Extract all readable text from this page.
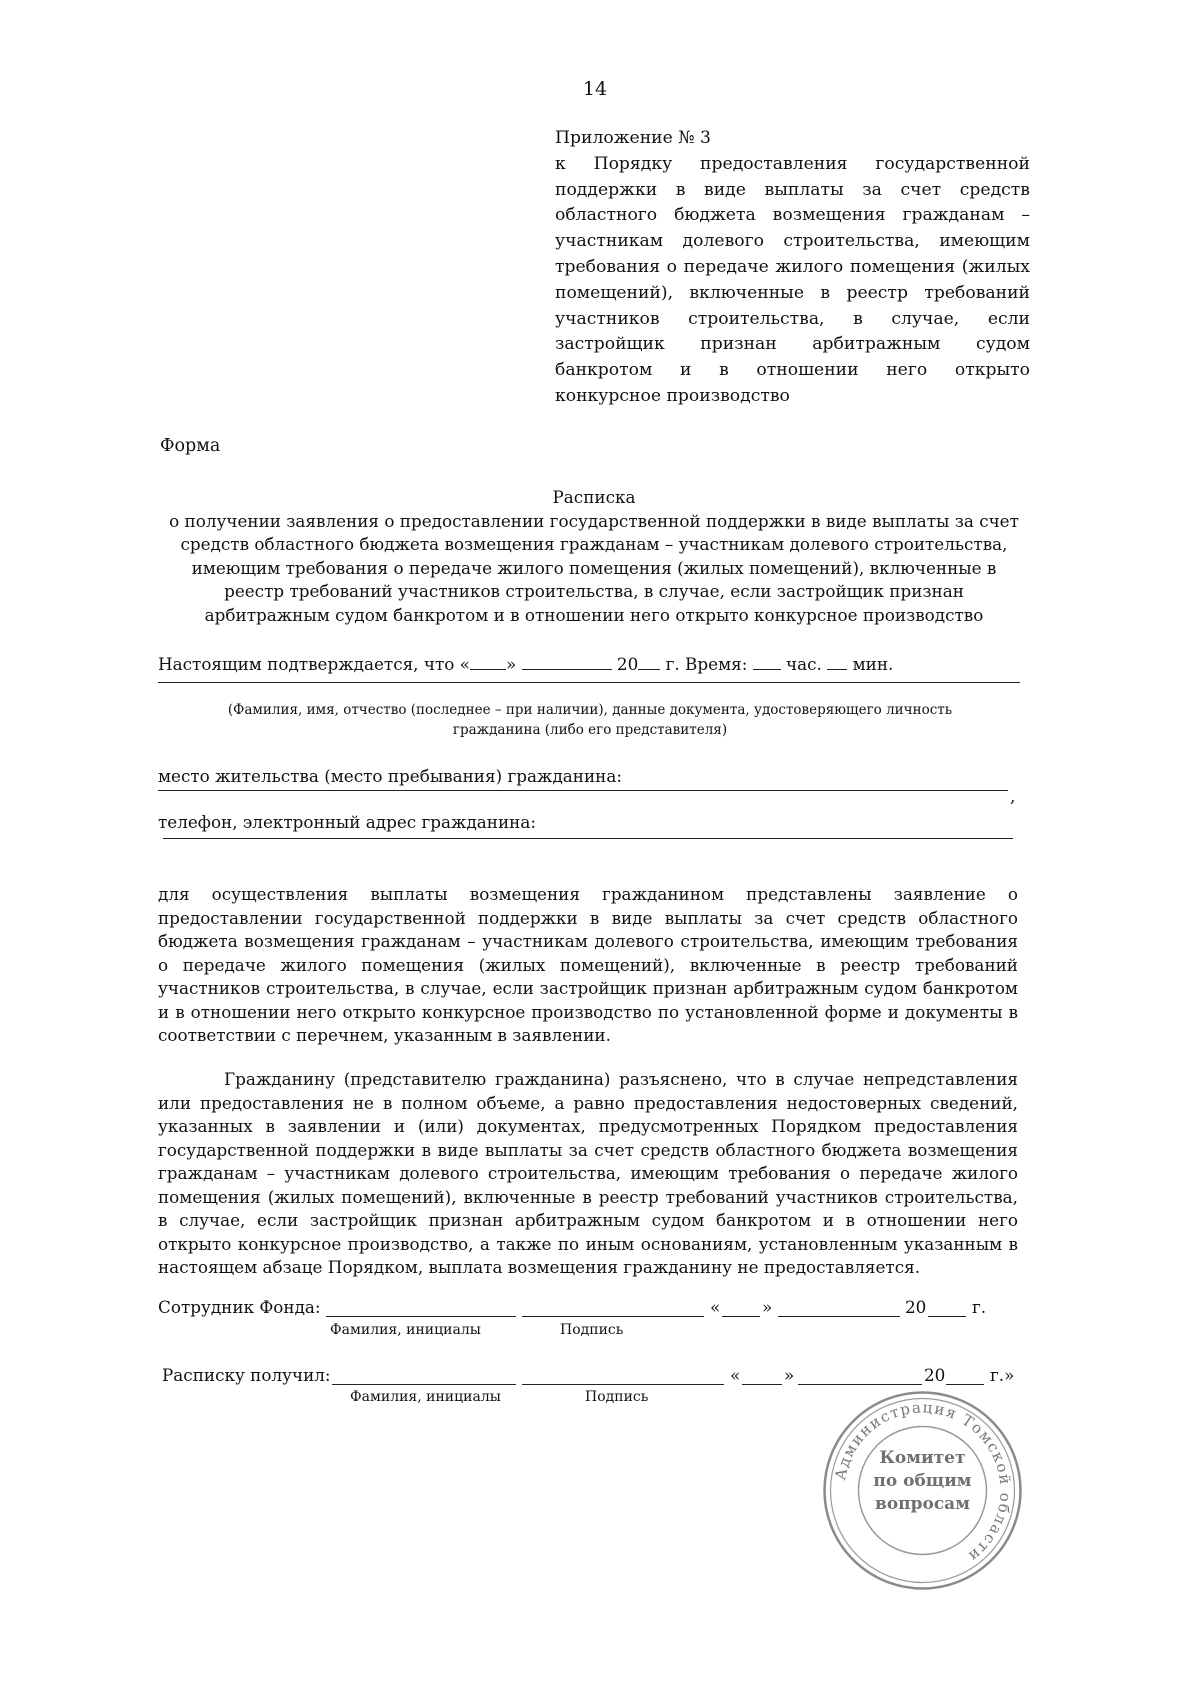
14
Приложение № 3
к Порядку предоставления государственной поддержки в виде выплаты за счет средств областного бюджета возмещения гражданам – участникам долевого строительства, имеющим требования о передаче жилого помещения (жилых помещений), включенные в реестр требований участников строительства, в случае, если застройщик признан арбитражным судом банкротом и в отношении него открыто конкурсное производство
Форма
Расписка
о получении заявления о предоставлении государственной поддержки в виде выплаты за счет средств областного бюджета возмещения гражданам – участникам долевого строительства, имеющим требования о передаче жилого помещения (жилых помещений), включенные в реестр требований участников строительства, в случае, если застройщик признан арбитражным судом банкротом и в отношении него открыто конкурсное производство
Настоящим подтверждается, что « »	20 г. Время: час. мин.
(Фамилия, имя, отчество (последнее – при наличии), данные документа, удостоверяющего личность гражданина (либо его представителя)
место жительства (место пребывания) гражданина:
,
телефон, электронный адрес гражданина:
для осуществления выплаты возмещения гражданином представлены заявление о предоставлении государственной поддержки в виде выплаты за счет средств областного бюджета возмещения гражданам – участникам долевого строительства, имеющим требования о передаче жилого помещения (жилых помещений), включенные в реестр требований участников строительства, в случае, если застройщик признан арбитражным судом банкротом и в отношении него открыто конкурсное производство по установленной форме и документы в соответствии с перечнем, указанным в заявлении.
Гражданину (представителю гражданина) разъяснено, что в случае непредставления или предоставления не в полном объеме, а равно предоставления недостоверных сведений, указанных в заявлении и (или) документах, предусмотренных Порядком предоставления государственной поддержки в виде выплаты за счет средств областного бюджета возмещения гражданам – участникам долевого строительства, имеющим требования о передаче жилого помещения (жилых помещений), включенные в реестр требований участников строительства, в случае, если застройщик признан арбитражным судом банкротом и в отношении него открыто конкурсное производство, а также по иным основаниям, установленным указанным в настоящем абзаце Порядком, выплата возмещения гражданину не предоставляется.
Сотрудник Фонда:	« »	20	г.
Фамилия, инициалы	Подпись
Расписку получил:	«	»	20	г.»
Фамилия, инициалы	Подпись
Администрация Томской области
Комитет
по общим
вопросам
